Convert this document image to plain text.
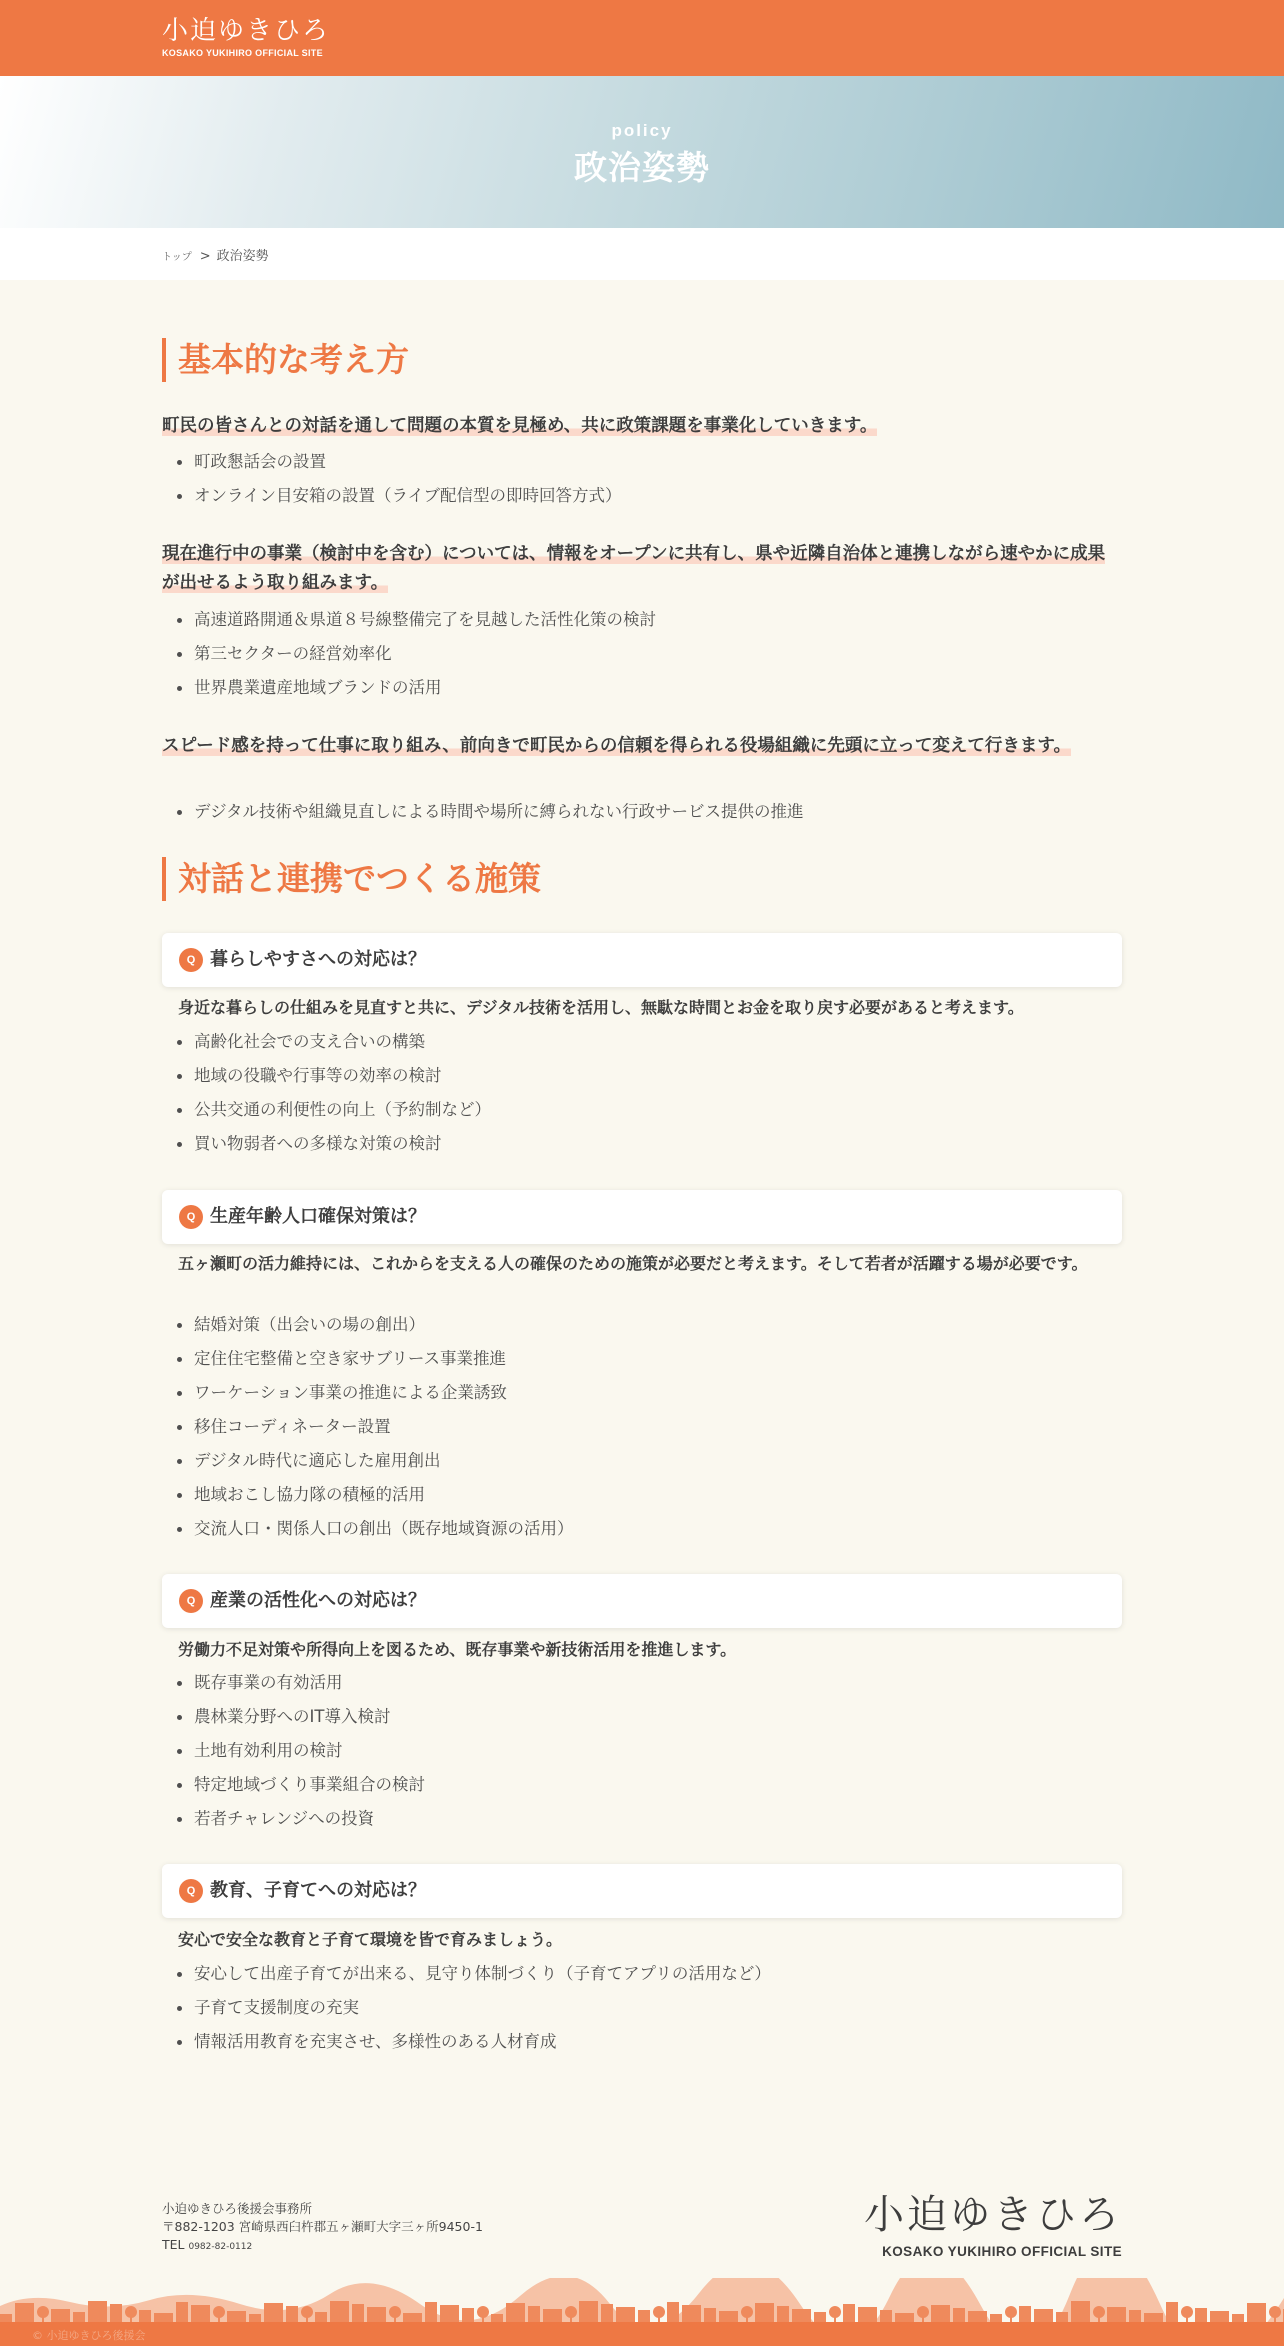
小迫ゆきひろ
KOSAKO YUKIHIRO OFFICIAL SITE
policy
政治姿勢
トップ > 政治姿勢
基本的な考え方

町民の皆さんとの対話を通して問題の本質を見極め、共に政策課題を事業化していきます。

町政懇話会の設置
オンライン目安箱の設置（ライブ配信型の即時回答方式）

現在進行中の事業（検討中を含む）については、情報をオープンに共有し、県や近隣自治体と連携しながら速やかに成果が出せるよう取り組みます。

高速道路開通＆県道８号線整備完了を見越した活性化策の検討
第三セクターの経営効率化
世界農業遺産地域ブランドの活用

スピード感を持って仕事に取り組み、前向きで町民からの信頼を得られる役場組織に先頭に立って変えて行きます。

デジタル技術や組織見直しによる時間や場所に縛られない行政サービス提供の推進
対話と連携でつくる施策
Q 暮らしやすさへの対応は？

身近な暮らしの仕組みを見直すと共に、デジタル技術を活用し、無駄な時間とお金を取り戻す必要があると考えます。

高齢化社会での支え合いの構築
地域の役職や行事等の効率の検討
公共交通の利便性の向上（予約制など）
買い物弱者への多様な対策の検討
Q 生産年齢人口確保対策は？

五ヶ瀬町の活力維持には、これからを支える人の確保のための施策が必要だと考えます。そして若者が活躍する場が必要です。

結婚対策（出会いの場の創出）
定住住宅整備と空き家サブリース事業推進
ワーケーション事業の推進による企業誘致
移住コーディネーター設置
デジタル時代に適応した雇用創出
地域おこし協力隊の積極的活用
交流人口・関係人口の創出（既存地域資源の活用）
Q 産業の活性化への対応は？

労働力不足対策や所得向上を図るため、既存事業や新技術活用を推進します。

既存事業の有効活用
農林業分野へのIT導入検討
土地有効利用の検討
特定地域づくり事業組合の検討
若者チャレンジへの投資
Q 教育、子育てへの対応は？

安心で安全な教育と子育て環境を皆で育みましょう。

安心して出産子育てが出来る、見守り体制づくり（子育てアプリの活用など）
子育て支援制度の充実
情報活用教育を充実させ、多様性のある人材育成
小迫ゆきひろ後援会事務所
〒882-1203 宮崎県西臼杵郡五ヶ瀬町大字三ヶ所9450-1
TEL 0982-82-0112
小迫ゆきひろ
KOSAKO YUKIHIRO OFFICIAL SITE
© 小迫ゆきひろ後援会
